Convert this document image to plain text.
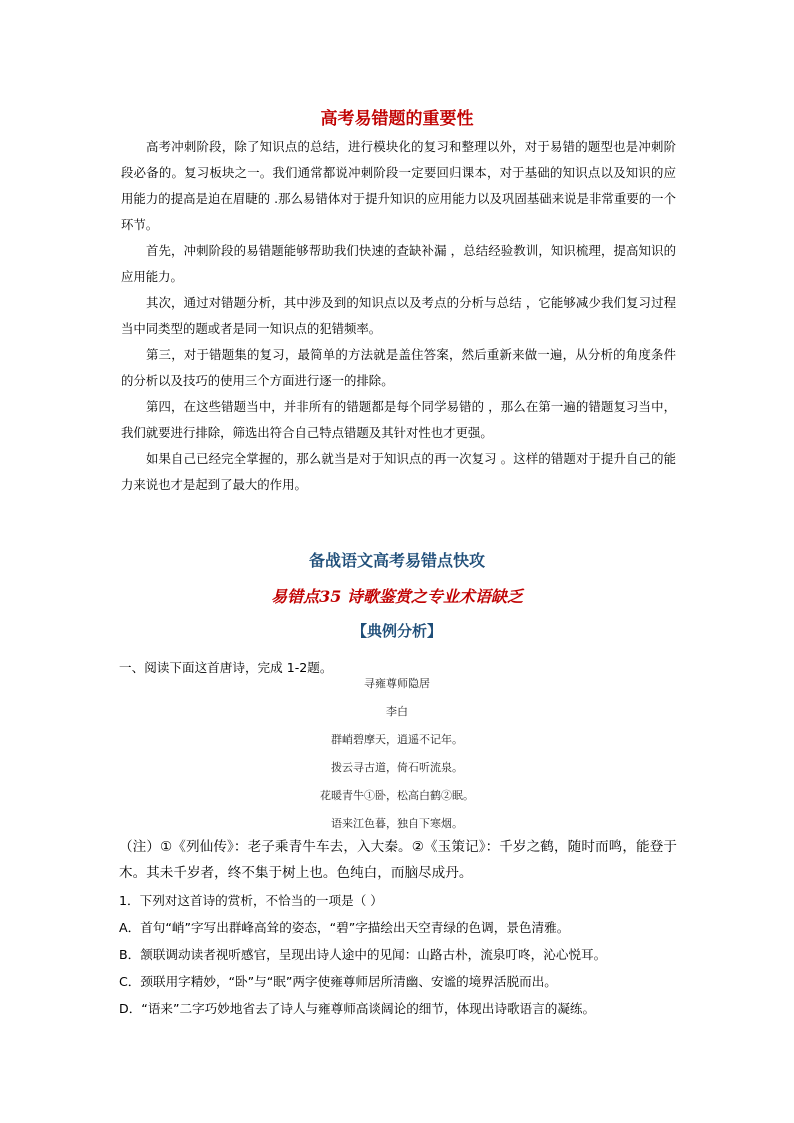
高考易错题的重要性

高考冲刺阶段，除了知识点的总结，进行模块化的复习和整理以外，对于易错的题型也是冲刺阶段必备的。复习板块之一。我们通常都说冲刺阶段一定要回归课本，对于基础的知识点以及知识的应用能力的提高是迫在眉睫的 .那么易错体对于提升知识的应用能力以及巩固基础来说是非常重要的一个环节。

首先，冲刺阶段的易错题能够帮助我们快速的查缺补漏 ，总结经验教训，知识梳理，提高知识的应用能力。

其次，通过对错题分析，其中涉及到的知识点以及考点的分析与总结 ，它能够减少我们复习过程当中同类型的题或者是同一知识点的犯错频率。

第三，对于错题集的复习，最简单的方法就是盖住答案，然后重新来做一遍，从分析的角度条件的分析以及技巧的使用三个方面进行逐一的排除。

第四，在这些错题当中，并非所有的错题都是每个同学易错的 ，那么在第一遍的错题复习当中，我们就要进行排除，筛选出符合自己特点错题及其针对性也才更强。

如果自己已经完全掌握的，那么就当是对于知识点的再一次复习 。这样的错题对于提升自己的能力来说也才是起到了最大的作用。

备战语文高考易错点快攻
易错点35 诗歌鉴赏之专业术语缺乏
【典例分析】
一、阅读下面这首唐诗，完成 1-2题。
寻雍尊师隐居
李白
群峭碧摩天，逍遥不记年。
拨云寻古道，倚石听流泉。
花暖青牛①卧，松高白鹤②眠。
语来江色暮，独自下寒烟。
（注）①《列仙传》：老子乘青牛车去，入大秦。②《玉策记》：千岁之鹤，随时而鸣，能登于木。其未千岁者，终不集于树上也。色纯白，而脑尽成丹。
1．下列对这首诗的赏析，不恰当的一项是（ ）
A．首句“峭”字写出群峰高耸的姿态，“碧”字描绘出天空青绿的色调，景色清雅。
B．颔联调动读者视听感官，呈现出诗人途中的见闻：山路古朴，流泉叮咚，沁心悦耳。
C．颈联用字精妙，“卧”与“眠”两字使雍尊师居所清幽、安谧的境界活脱而出。
D．“语来”二字巧妙地省去了诗人与雍尊师高谈阔论的细节，体现出诗歌语言的凝练。
